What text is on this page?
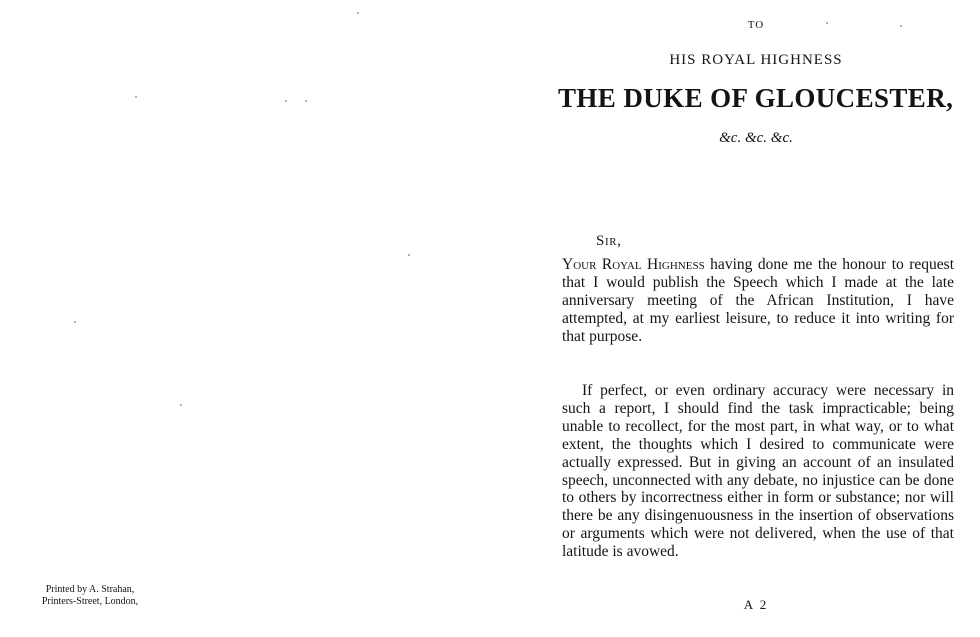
Printed by A. Strahan,
Printers-Street, London,
TO
HIS ROYAL HIGHNESS
THE DUKE OF GLOUCESTER,
&c. &c. &c.
Sir,
Your Royal Highness having done me the honour to request that I would publish the Speech which I made at the late anniversary meeting of the African Institution, I have attempted, at my earliest leisure, to reduce it into writing for that purpose.
If perfect, or even ordinary accuracy were necessary in such a report, I should find the task impracticable; being unable to recollect, for the most part, in what way, or to what extent, the thoughts which I desired to communicate were actually expressed. But in giving an account of an insulated speech, unconnected with any debate, no injustice can be done to others by incorrectness either in form or substance; nor will there be any disingenuousness in the insertion of observations or arguments which were not delivered, when the use of that latitude is avowed.
A 2
